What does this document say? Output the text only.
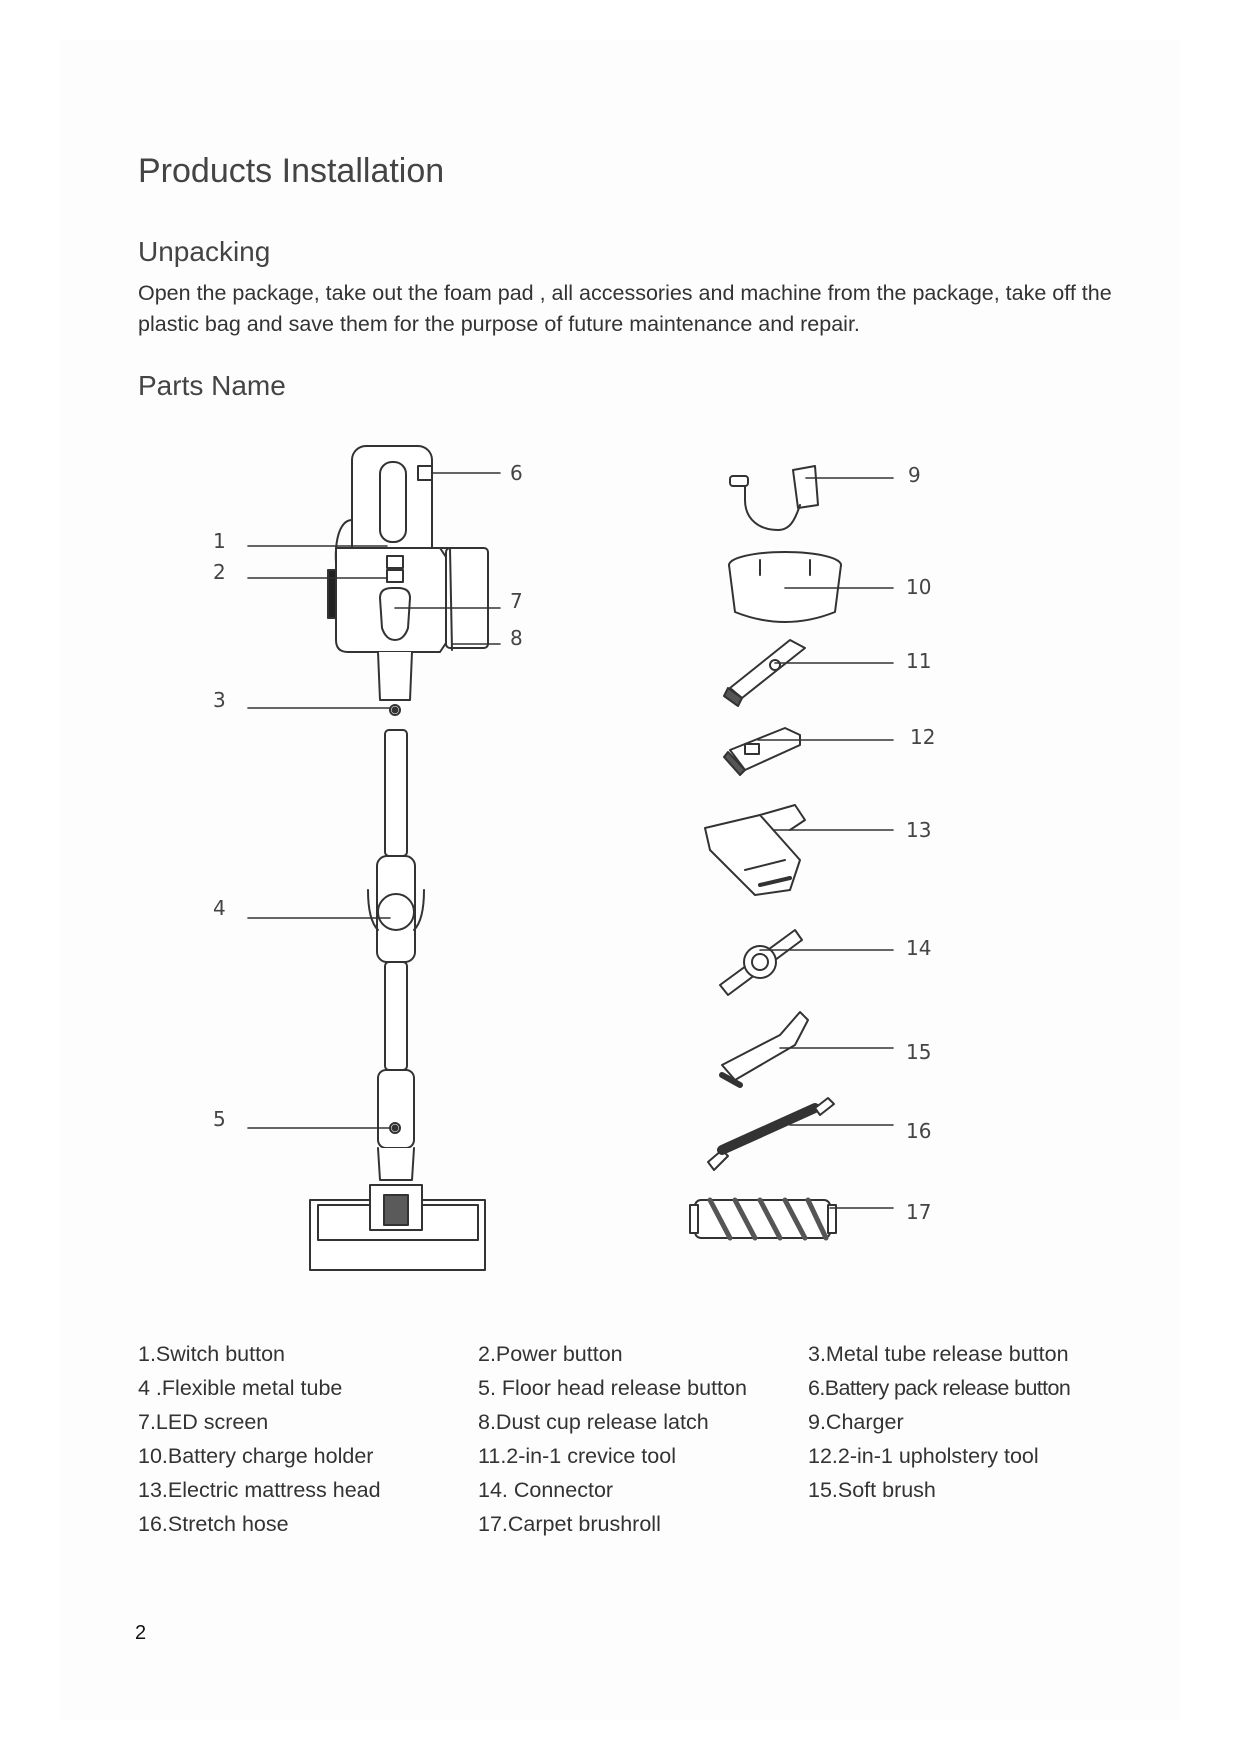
Products Installation
Unpacking
Open the package, take out the foam pad , all accessories and machine from the package, take off the plastic bag and save them for the purpose of future maintenance and repair.
Parts Name
1
2
3
4
5
6
7
8
9
10
11
12
13
14
15
16
17
1.Switch button	2.Power button	3.Metal tube release button
4 .Flexible metal tube	5. Floor head release button	6.Battery pack release button
7.LED screen	8.Dust cup release latch	9.Charger
10.Battery charge holder	11.2-in-1 crevice tool	12.2-in-1 upholstery tool
13.Electric mattress head	14. Connector	15.Soft brush
16.Stretch hose	17.Carpet brushroll
2
